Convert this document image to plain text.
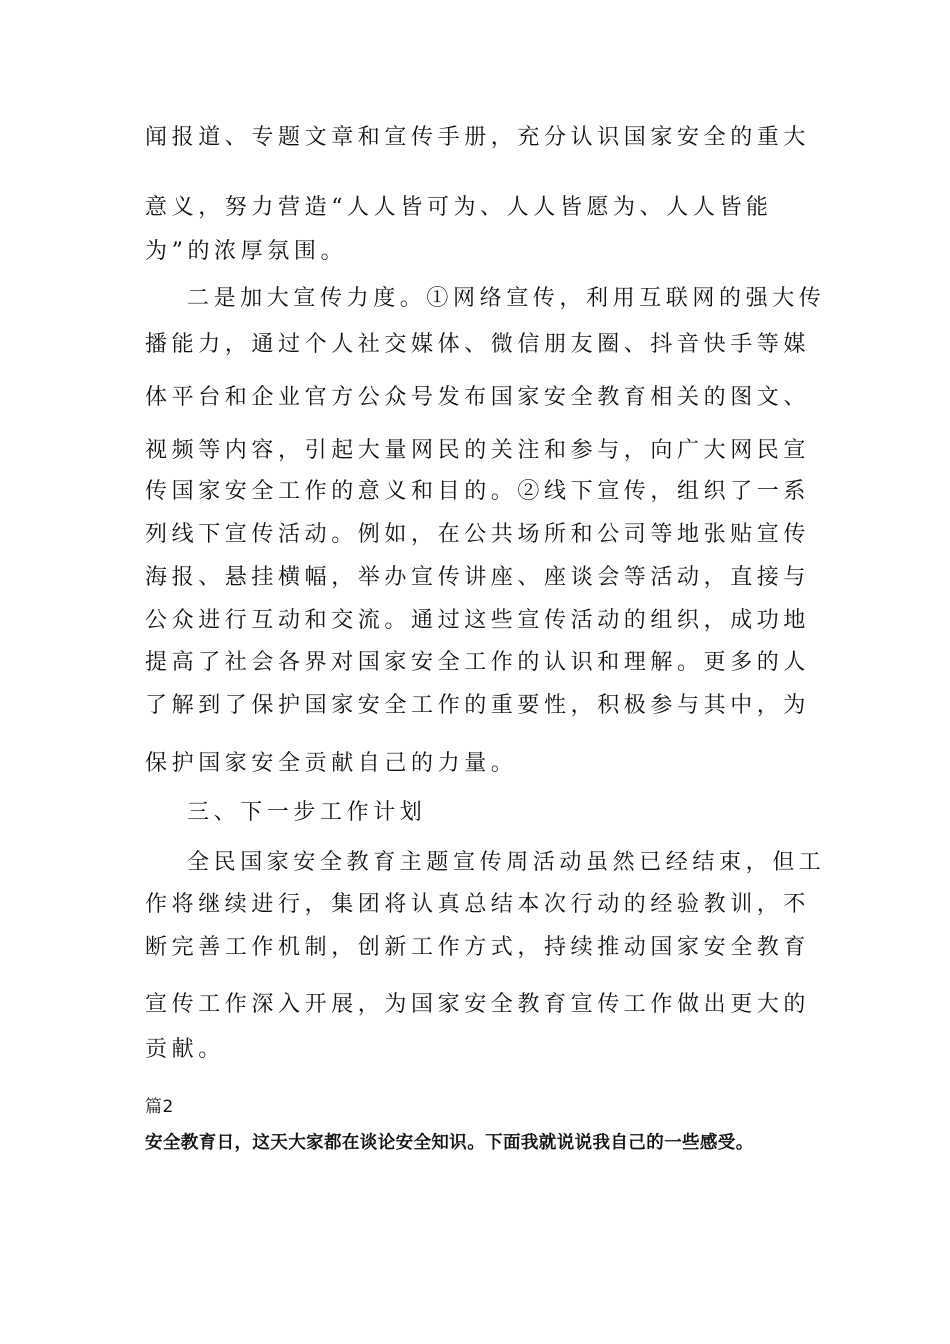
闻报道、专题文章和宣传手册，充分认识国家安全的重大
意义，努力营造“人人皆可为、人人皆愿为、人人皆能
为”的浓厚氛围。
二是加大宣传力度。①网络宣传，利用互联网的强大传
播能力，通过个人社交媒体、微信朋友圈、抖音快手等媒
体平台和企业官方公众号发布国家安全教育相关的图文、
视频等内容，引起大量网民的关注和参与，向广大网民宣
传国家安全工作的意义和目的。②线下宣传，组织了一系
列线下宣传活动。例如，在公共场所和公司等地张贴宣传
海报、悬挂横幅，举办宣传讲座、座谈会等活动，直接与
公众进行互动和交流。通过这些宣传活动的组织，成功地
提高了社会各界对国家安全工作的认识和理解。更多的人
了解到了保护国家安全工作的重要性，积极参与其中，为
保护国家安全贡献自己的力量。
三、下一步工作计划
全民国家安全教育主题宣传周活动虽然已经结束，但工
作将继续进行，集团将认真总结本次行动的经验教训，不
断完善工作机制，创新工作方式，持续推动国家安全教育
宣传工作深入开展，为国家安全教育宣传工作做出更大的
贡献。
篇2
安全教育日，这天大家都在谈论安全知识。下面我就说说我自己的一些感受。
